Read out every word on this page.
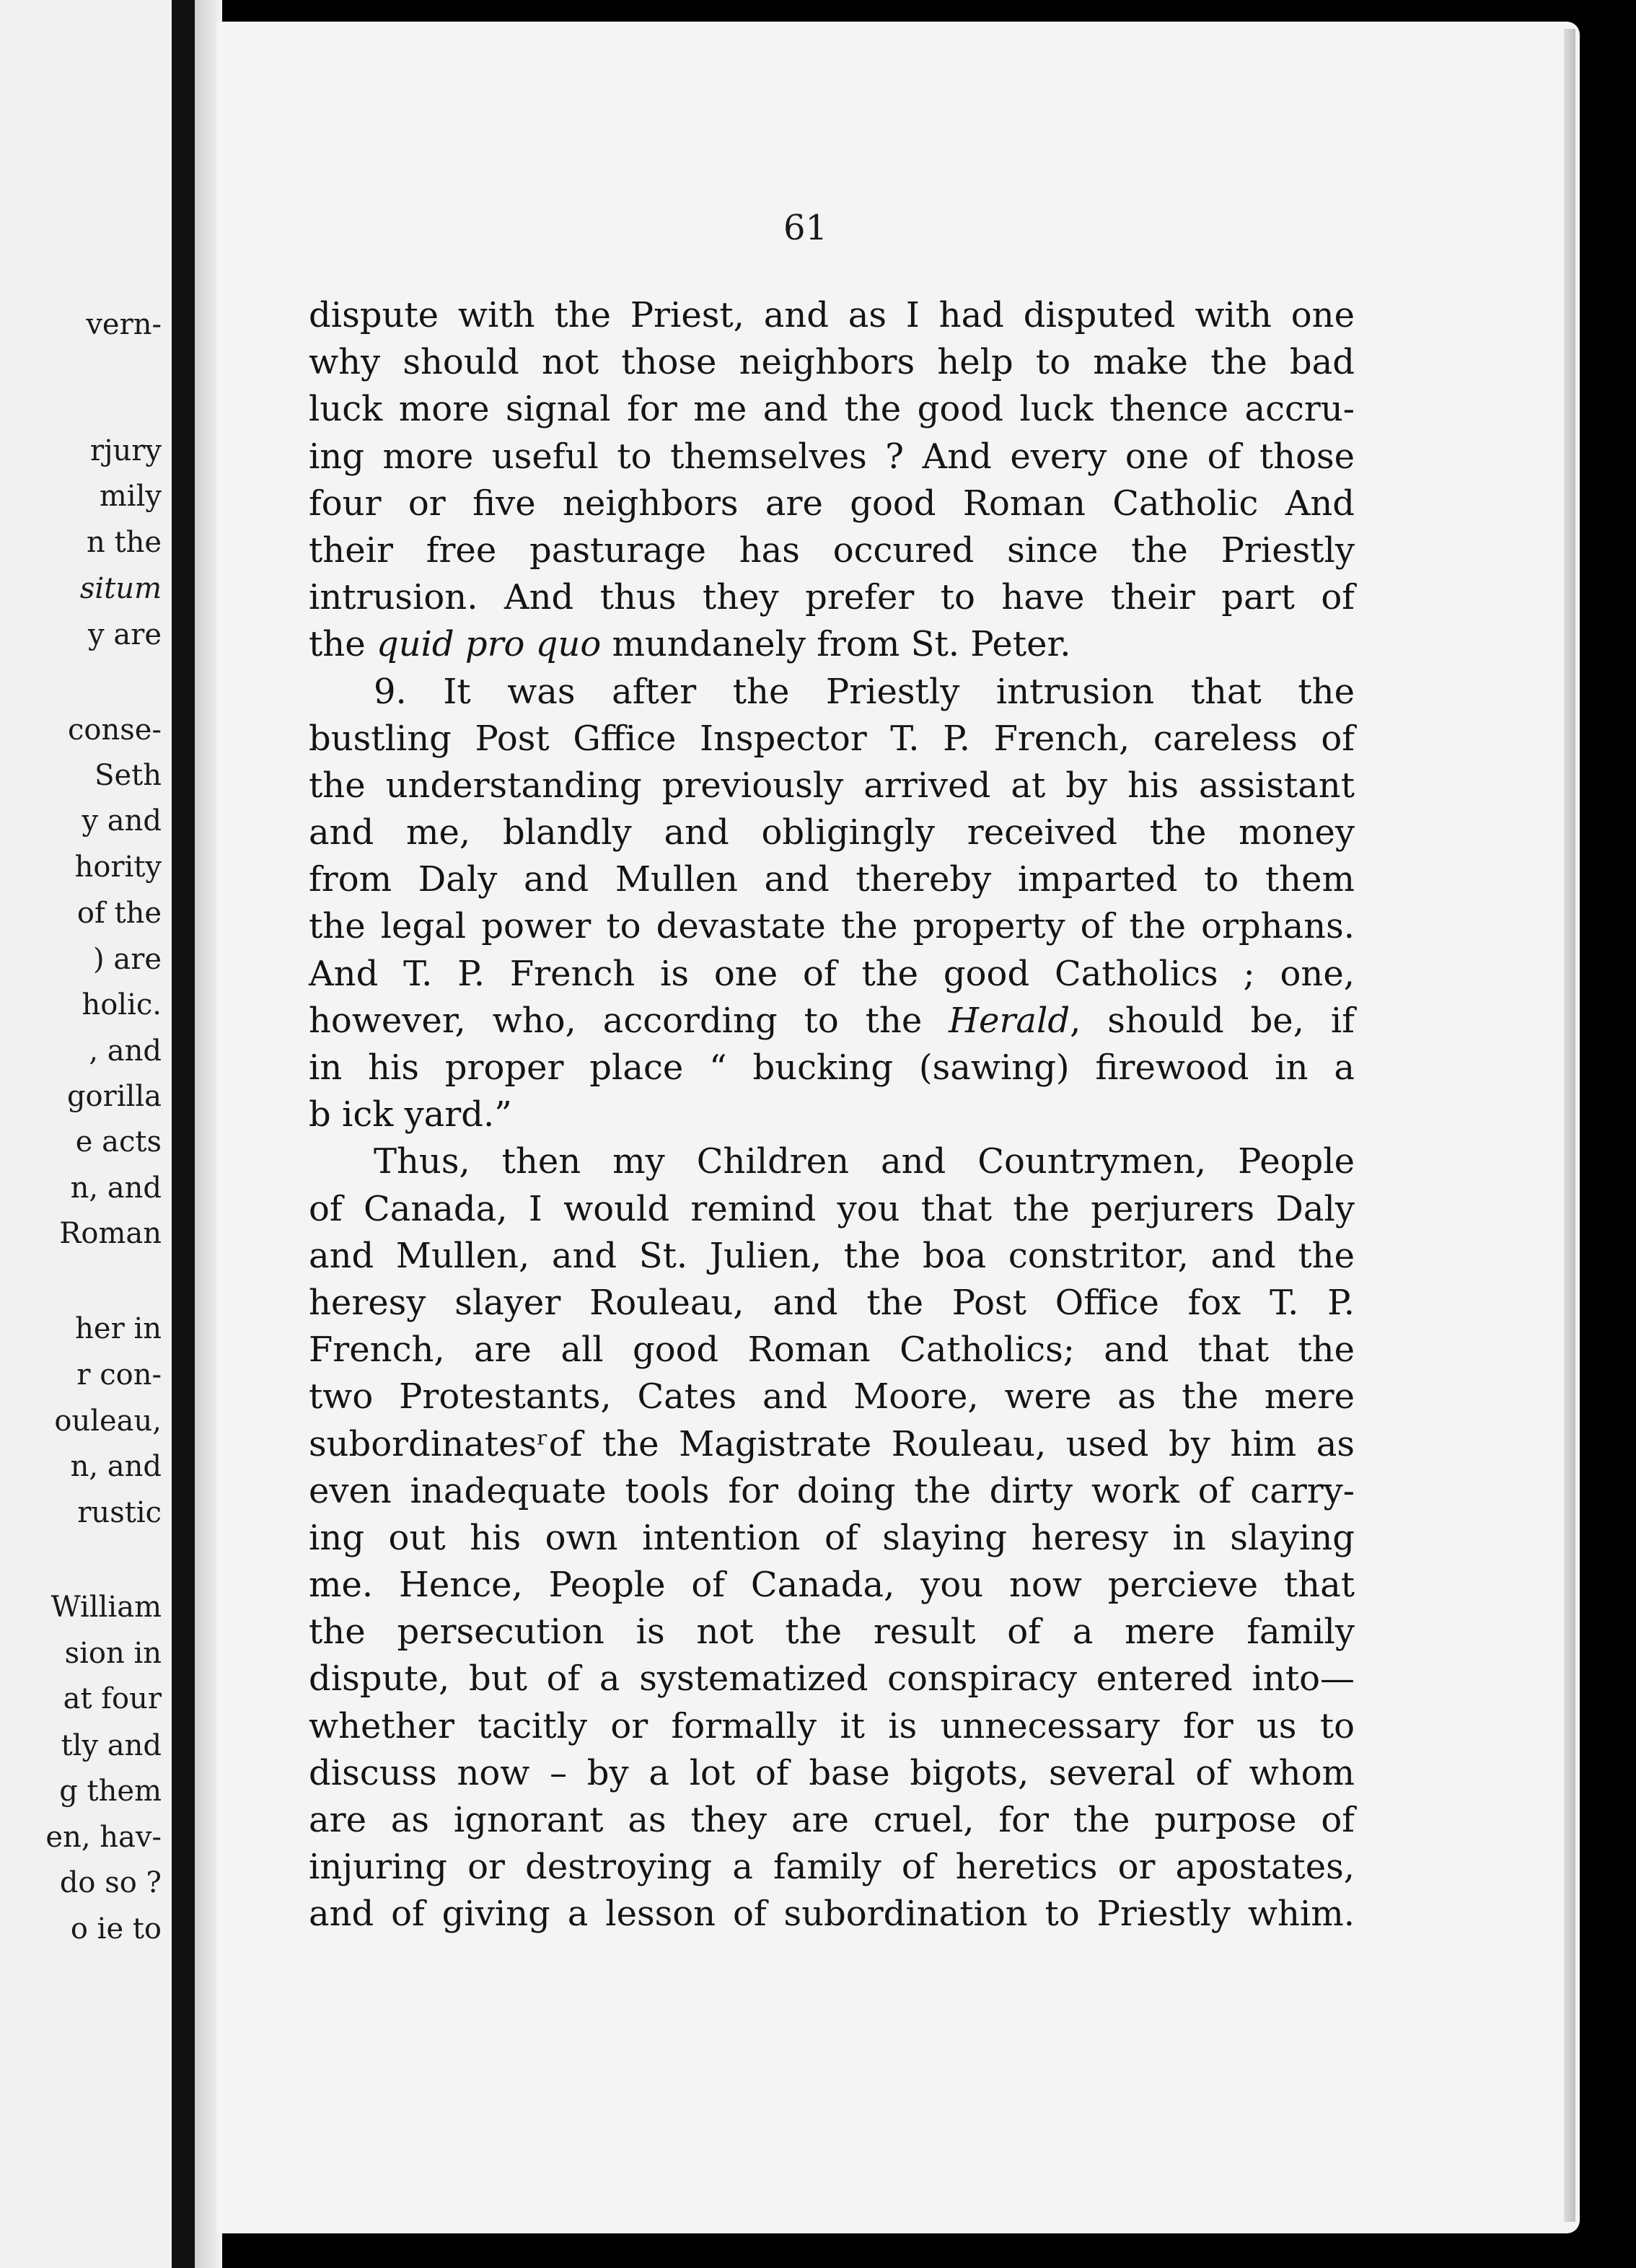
vern-
rjury
mily
n the
situm
y are
conse-
Seth
y and
hority
of the
) are
holic.
, and
gorilla
e acts
n, and
Roman
her in
r con-
ouleau,
n, and
rustic
William
sion in
at four
tly and
g them
en, hav-
do so ?
o ie to
61
dispute with the Priest, and as I had disputed with one
why should not those neighbors help to make the bad
luck more signal for me and the good luck thence accru-
ing more useful to themselves ? And every one of those
four or five neighbors are good Roman Catholic And
their free pasturage has occured since the Priestly
intrusion. And thus they prefer to have their part of
the quid pro quo mundanely from St. Peter.
9. It was after the Priestly intrusion that the
bustling Post Gffice Inspector T. P. French, careless of
the understanding previously arrived at by his assistant
and me, blandly and obligingly received the money
from Daly and Mullen and thereby imparted to them
the legal power to devastate the property of the orphans.
And T. P. French is one of the good Catholics ; one,
however, who, according to the Herald, should be, if
in his proper place “ bucking (sawing) firewood in a
b ick yard.”
Thus, then my Children and Countrymen, People
of Canada, I would remind you that the perjurers Daly
and Mullen, and St. Julien, the boa constritor, and the
heresy slayer Rouleau, and the Post Office fox T. P.
French, are all good Roman Catholics; and that the
two Protestants, Cates and Moore, were as the mere
subordinatesʳof the Magistrate Rouleau, used by him as
even inadequate tools for doing the dirty work of carry-
ing out his own intention of slaying heresy in slaying
me. Hence, People of Canada, you now percieve that
the persecution is not the result of a mere family
dispute, but of a systematized conspiracy entered into—
whether tacitly or formally it is unnecessary for us to
discuss now – by a lot of base bigots, several of whom
are as ignorant as they are cruel, for the purpose of
injuring or destroying a family of heretics or apostates,
and of giving a lesson of subordination to Priestly whim.
